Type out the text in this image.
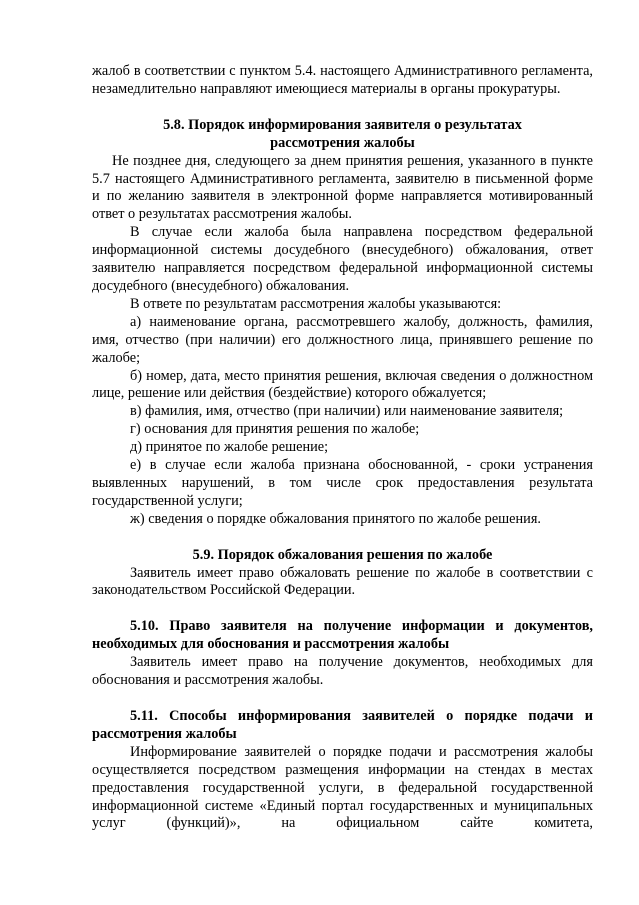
жалоб в соответствии с пунктом 5.4. настоящего Административного регламента, незамедлительно направляют имеющиеся материалы в органы прокуратуры.

5.8. Порядок информирования заявителя о результатах
рассмотрения жалобы

Не позднее дня, следующего за днем принятия решения, указанного в пункте 5.7 настоящего Административного регламента, заявителю в письменной форме и по желанию заявителя в электронной форме направляется мотивированный ответ о результатах рассмотрения жалобы.

В случае если жалоба была направлена посредством федеральной информационной системы досудебного (внесудебного) обжалования, ответ заявителю направляется посредством федеральной информационной системы досудебного (внесудебного) обжалования.

В ответе по результатам рассмотрения жалобы указываются:

а) наименование органа, рассмотревшего жалобу, должность, фамилия, имя, отчество (при наличии) его должностного лица, принявшего решение по жалобе;

б) номер, дата, место принятия решения, включая сведения о должностном лице, решение или действия (бездействие) которого обжалуется;

в) фамилия, имя, отчество (при наличии) или наименование заявителя;

г) основания для принятия решения по жалобе;

д) принятое по жалобе решение;

е) в случае если жалоба признана обоснованной, - сроки устранения выявленных нарушений, в том числе срок предоставления результата государственной услуги;

ж) сведения о порядке обжалования принятого по жалобе решения.

5.9. Порядок обжалования решения по жалобе

Заявитель имеет право обжаловать решение по жалобе в соответствии с законодательством Российской Федерации.

5.10. Право заявителя на получение информации и документов, необходимых для обоснования и рассмотрения жалобы

Заявитель имеет право на получение документов, необходимых для обоснования и рассмотрения жалобы.

5.11. Способы информирования заявителей о порядке подачи и рассмотрения жалобы

Информирование заявителей о порядке подачи и рассмотрения жалобы осуществляется посредством размещения информации на стендах в местах предоставления государственной услуги, в федеральной государственной информационной системе «Единый портал государственных и муниципальных услуг (функций)», на официальном сайте комитета,
